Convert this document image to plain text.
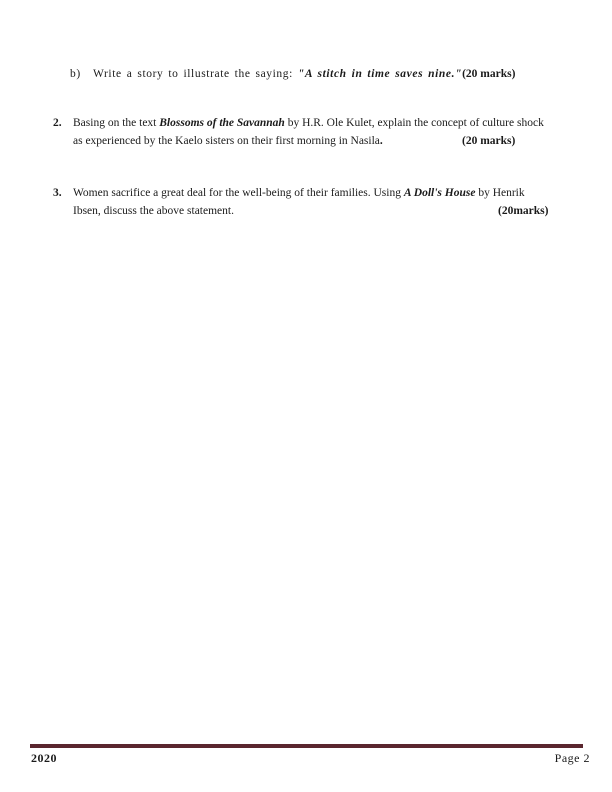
b) Write a story to illustrate the saying: "A stitch in time saves nine."(20 marks)
2. Basing on the text Blossoms of the Savannah by H.R. Ole Kulet, explain the concept of culture shock
as experienced by the Kaelo sisters on their first morning in Nasila.	(20 marks)
3. Women sacrifice a great deal for the well-being of their families. Using A Doll's House by Henrik
Ibsen, discuss the above statement.	(20marks)
2020	Page 2
